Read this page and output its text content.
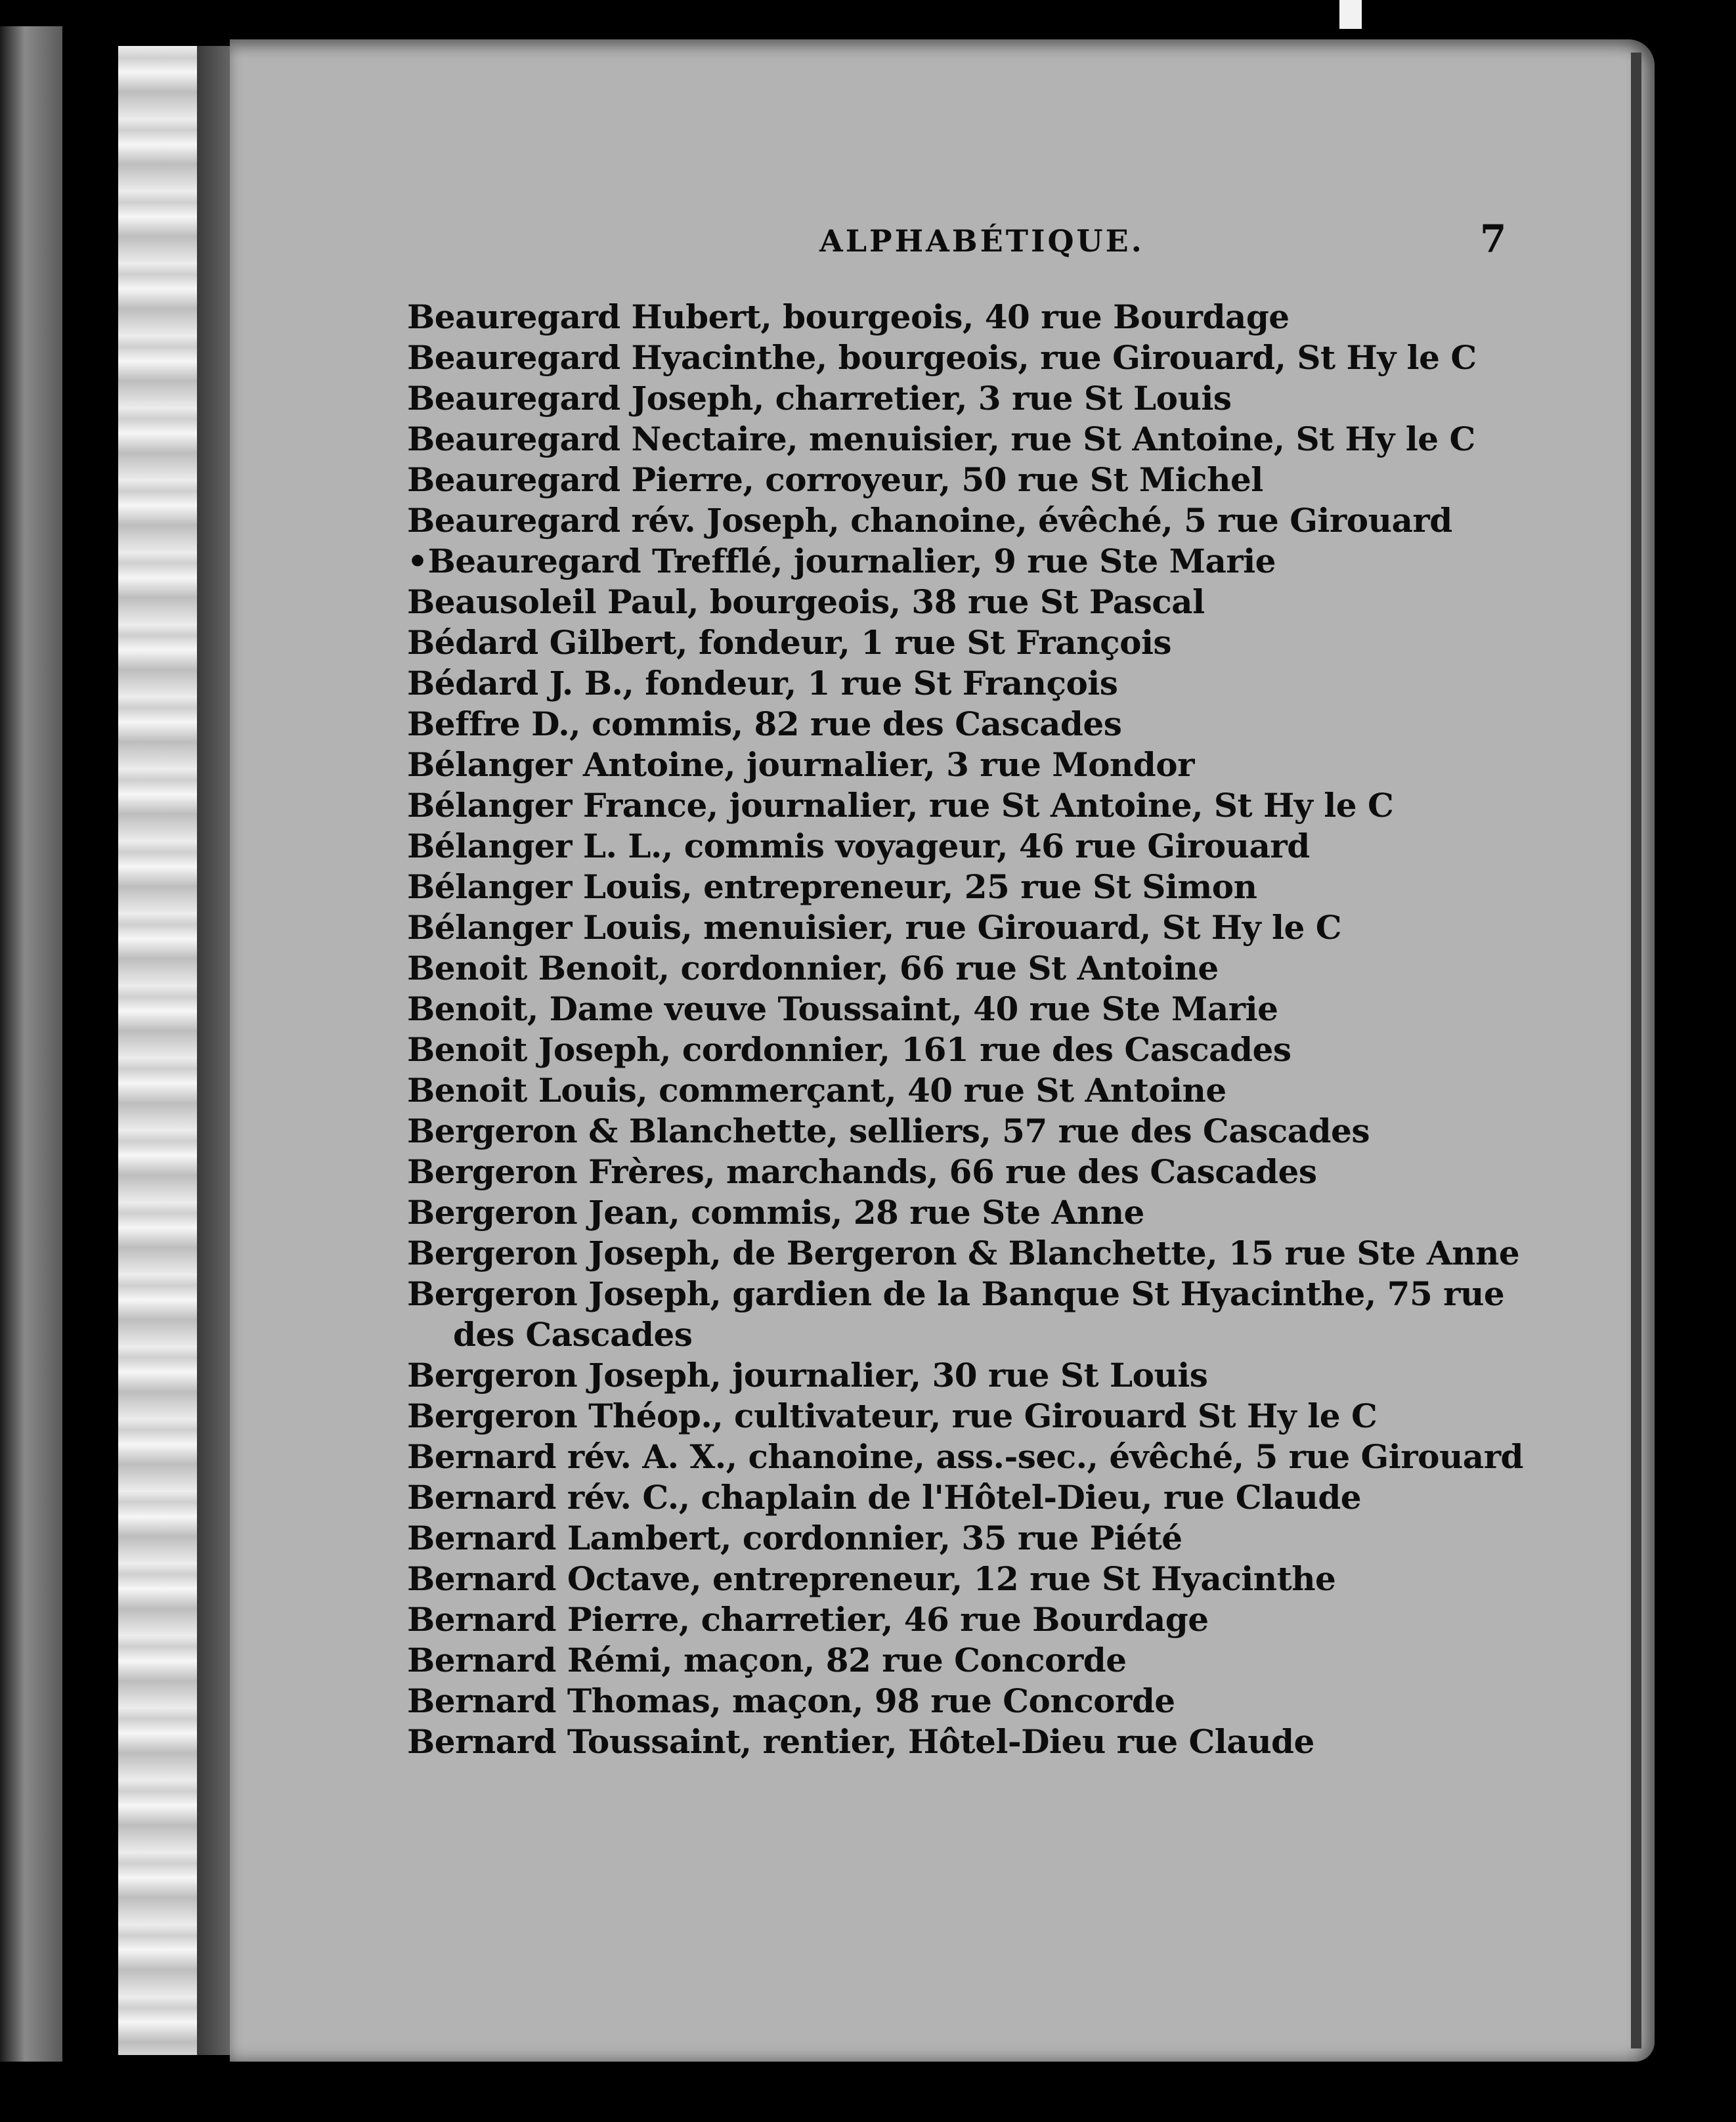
ALPHABÉTIQUE.	7
Beauregard Hubert, bourgeois, 40 rue Bourdage
Beauregard Hyacinthe, bourgeois, rue Girouard, St Hy le C
Beauregard Joseph, charretier, 3 rue St Louis
Beauregard Nectaire, menuisier, rue St Antoine, St Hy le C
Beauregard Pierre, corroyeur, 50 rue St Michel
Beauregard rév. Joseph, chanoine, évêché, 5 rue Girouard
•Beauregard Trefflé, journalier, 9 rue Ste Marie
Beausoleil Paul, bourgeois, 38 rue St Pascal
Bédard Gilbert, fondeur, 1 rue St François
Bédard J. B., fondeur, 1 rue St François
Beffre D., commis, 82 rue des Cascades
Bélanger Antoine, journalier, 3 rue Mondor
Bélanger France, journalier, rue St Antoine, St Hy le C
Bélanger L. L., commis voyageur, 46 rue Girouard
Bélanger Louis, entrepreneur, 25 rue St Simon
Bélanger Louis, menuisier, rue Girouard, St Hy le C
Benoit Benoit, cordonnier, 66 rue St Antoine
Benoit, Dame veuve Toussaint, 40 rue Ste Marie
Benoit Joseph, cordonnier, 161 rue des Cascades
Benoit Louis, commerçant, 40 rue St Antoine
Bergeron & Blanchette, selliers, 57 rue des Cascades
Bergeron Frères, marchands, 66 rue des Cascades
Bergeron Jean, commis, 28 rue Ste Anne
Bergeron Joseph, de Bergeron & Blanchette, 15 rue Ste Anne
Bergeron Joseph, gardien de la Banque St Hyacinthe, 75 rue
des Cascades
Bergeron Joseph, journalier, 30 rue St Louis
Bergeron Théop., cultivateur, rue Girouard St Hy le C
Bernard rév. A. X., chanoine, ass.-sec., évêché, 5 rue Girouard
Bernard rév. C., chaplain de l'Hôtel-Dieu, rue Claude
Bernard Lambert, cordonnier, 35 rue Piété
Bernard Octave, entrepreneur, 12 rue St Hyacinthe
Bernard Pierre, charretier, 46 rue Bourdage
Bernard Rémi, maçon, 82 rue Concorde
Bernard Thomas, maçon, 98 rue Concorde
Bernard Toussaint, rentier, Hôtel-Dieu rue Claude
